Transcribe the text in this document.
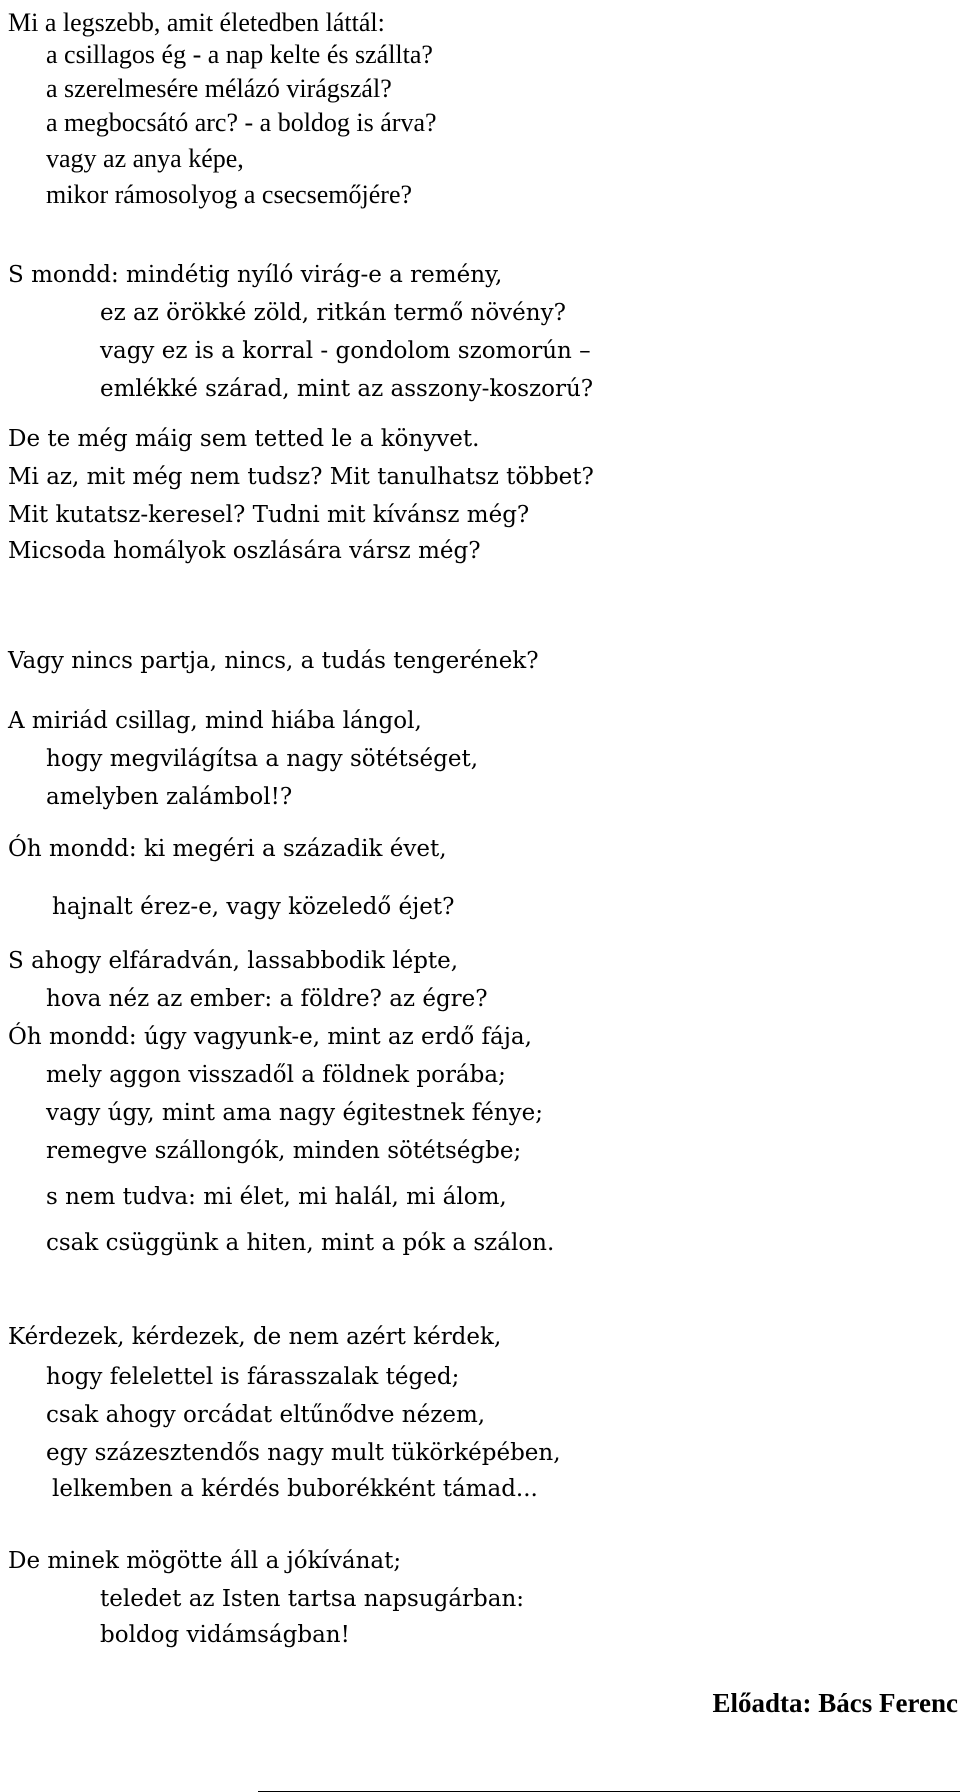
Mi a legszebb, amit életedben láttál:
a csillagos ég - a nap kelte és szállta?
a szerelmesére mélázó virágszál?
a megbocsátó arc? - a boldog is árva?
vagy az anya képe,
mikor rámosolyog a csecsemőjére?
S mondd: mindétig nyíló virág-e a remény,
ez az örökké zöld, ritkán termő növény?
vagy ez is a korral - gondolom szomorún –
emlékké szárad, mint az asszony-koszorú?
De te még máig sem tetted le a könyvet.
Mi az, mit még nem tudsz? Mit tanulhatsz többet?
Mit kutatsz-keresel? Tudni mit kívánsz még?
Micsoda homályok oszlására vársz még?
Vagy nincs partja, nincs, a tudás tengerének?
A miriád csillag, mind hiába lángol,
hogy megvilágítsa a nagy sötétséget,
amelyben zalámbol!?
Óh mondd: ki megéri a századik évet,
hajnalt érez-e, vagy közeledő éjet?
S ahogy elfáradván, lassabbodik lépte,
hova néz az ember: a földre? az égre?
Óh mondd: úgy vagyunk-e, mint az erdő fája,
mely aggon visszadől a földnek porába;
vagy úgy, mint ama nagy égitestnek fénye;
remegve szállongók, minden sötétségbe;
s nem tudva: mi élet, mi halál, mi álom,
csak csüggünk a hiten, mint a pók a szálon.
Kérdezek, kérdezek, de nem azért kérdek,
hogy felelettel is fárasszalak téged;
csak ahogy orcádat eltűnődve nézem,
egy százesztendős nagy mult tükörképében,
lelkemben a kérdés buborékként támad...
De minek mögötte áll a jókívánat;
teledet az Isten tartsa napsugárban:
boldog vidámságban!
Előadta: Bács Ferenc
